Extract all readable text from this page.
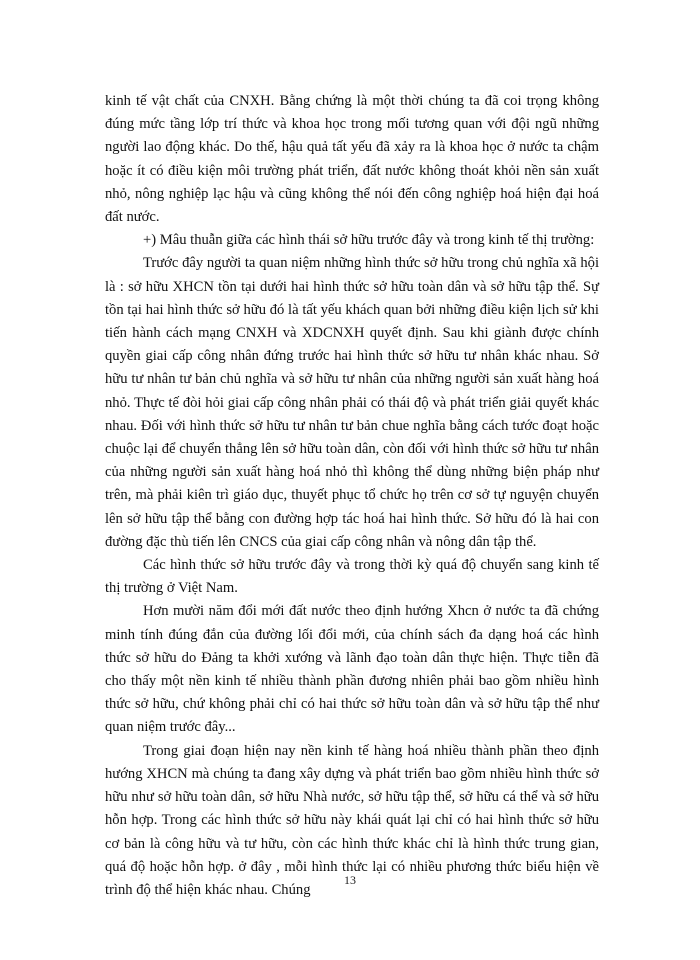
kinh tế vật chất của CNXH. Bằng chứng là một thời chúng ta đã coi trọng không đúng mức tầng lớp trí thức và khoa học trong mối tương quan với đội ngũ những người lao động khác. Do thế, hậu quả tất yếu đã xảy ra là khoa học ở nước ta chậm hoặc ít có điều kiện môi trường phát triển, đất nước không thoát khỏi nền sản xuất nhỏ, nông nghiệp lạc hậu và cũng không thể nói đến công nghiệp hoá hiện đại hoá đất nước.

+) Mâu thuẫn giữa các hình thái sở hữu trước đây và trong kinh tế thị trường:

Trước đây người ta quan niệm những hình thức sở hữu trong chủ nghĩa xã hội là : sở hữu XHCN tồn tại dưới hai hình thức sở hữu toàn dân và sở hữu tập thể. Sự tồn tại hai hình thức sở hữu đó là tất yếu khách quan bởi những điều kiện lịch sử khi tiến hành cách mạng CNXH và XDCNXH quyết định. Sau khi giành được chính quyền giai cấp công nhân đứng trước hai hình thức sở hữu tư nhân khác nhau. Sở hữu tư nhân tư bản chủ nghĩa và sở hữu tư nhân của những người sản xuất hàng hoá nhỏ. Thực tế đòi hỏi giai cấp công nhân phải có thái độ và phát triển giải quyết khác nhau. Đối với hình thức sở hữu tư nhân tư bản chue nghĩa bằng cách tước đoạt hoặc chuộc lại để chuyển thẳng lên sở hữu toàn dân, còn đối với hình thức sở hữu tư nhân của những người sản xuất hàng hoá nhỏ thì không thể dùng những biện pháp như trên, mà phải kiên trì giáo dục, thuyết phục tổ chức họ trên cơ sở tự nguyện chuyển lên sở hữu tập thể bằng con đường hợp tác hoá hai hình thức. Sở hữu đó là hai con đường đặc thù tiến lên CNCS của giai cấp công nhân và nông dân tập thể.

Các hình thức sở hữu trước đây và trong thời kỳ quá độ chuyển sang kinh tế thị trường ở Việt Nam.

Hơn mười năm đổi mới đất nước theo định hướng Xhcn ở nước ta đã chứng minh tính đúng đắn của đường lối đổi mới, của chính sách đa dạng hoá các hình thức sở hữu do Đảng ta khởi xướng và lãnh đạo toàn dân thực hiện. Thực tiễn đã cho thấy một nền kinh tế nhiều thành phần đương nhiên phải bao gồm nhiều hình thức sở hữu, chứ không phải chỉ có hai thức sở hữu toàn dân và sở hữu tập thể như quan niệm trước đây...

Trong giai đoạn hiện nay nền kinh tế hàng hoá nhiều thành phần theo định hướng XHCN mà chúng ta đang xây dựng và phát triển bao gồm nhiều hình thức sở hữu như sở hữu toàn dân, sở hữu Nhà nước, sở hữu tập thể, sở hữu cá thể và sở hữu hỗn hợp. Trong các hình thức sở hữu này khái quát lại chỉ có hai hình thức sở hữu cơ bản là công hữu và tư hữu, còn các hình thức khác chỉ là hình thức trung gian, quá độ hoặc hỗn hợp. ở đây , mỗi hình thức lại có nhiều phương thức biểu hiện về trình độ thể hiện khác nhau. Chúng

13
